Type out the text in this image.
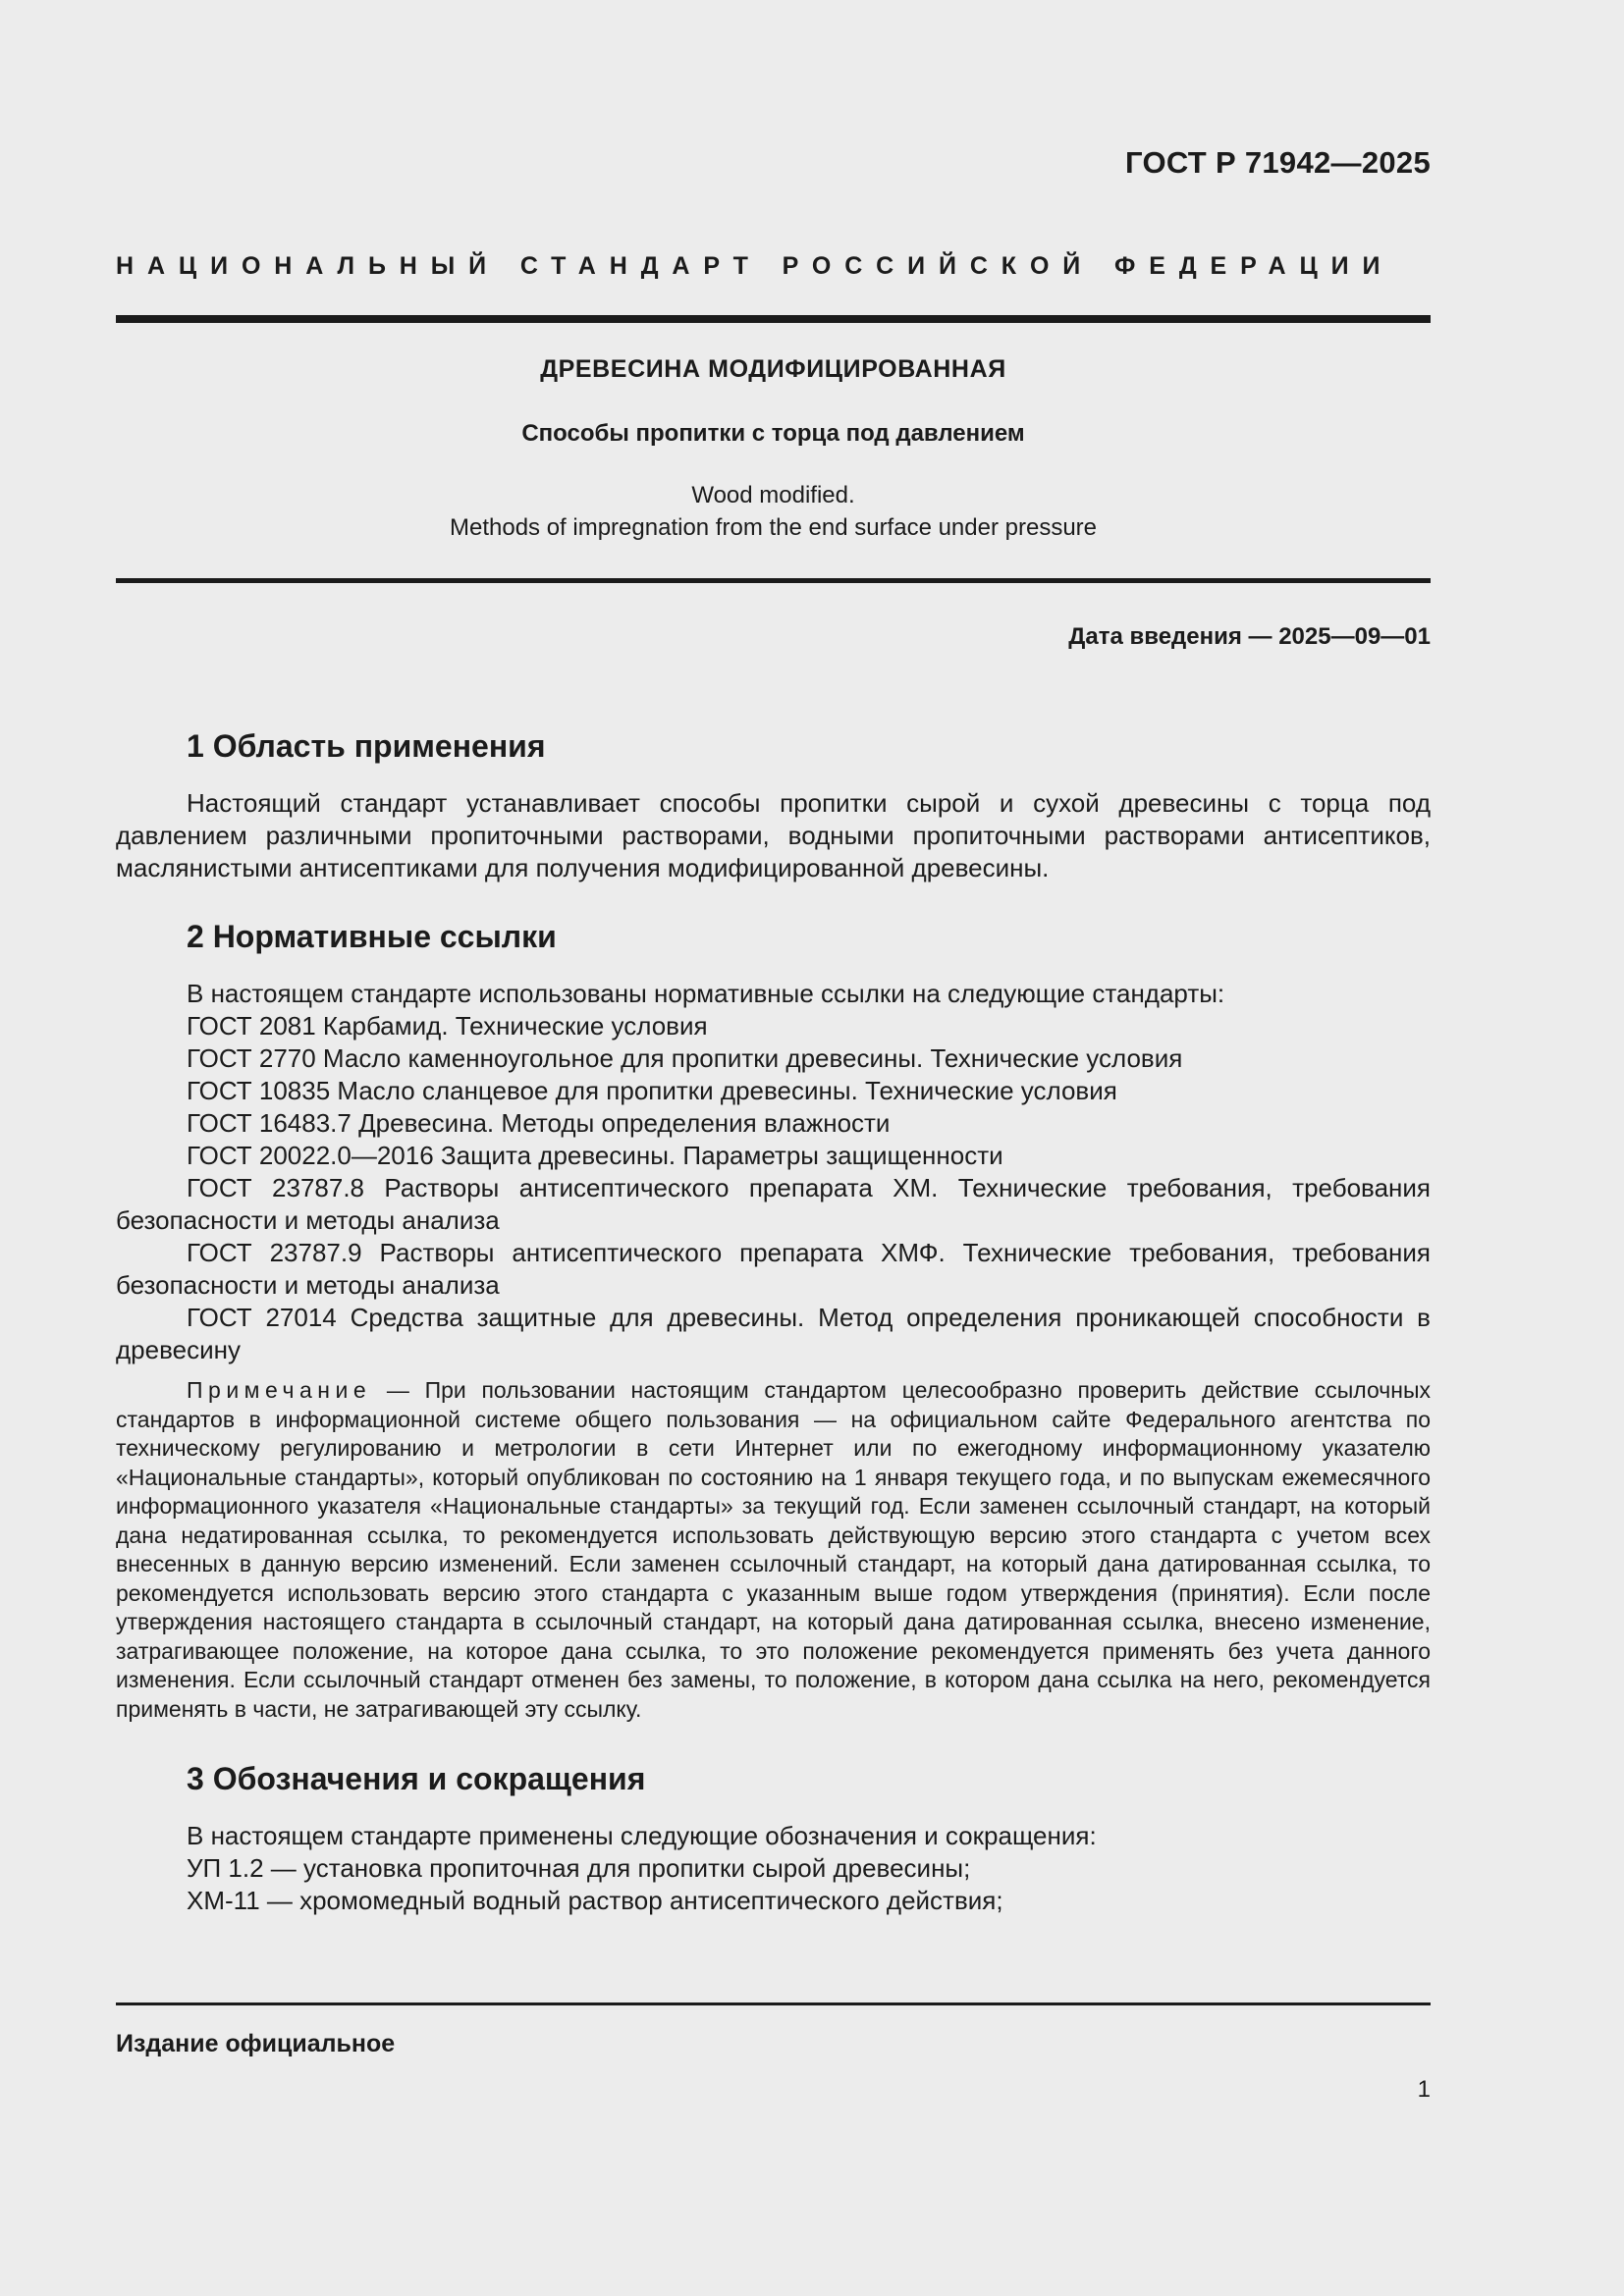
ГОСТ Р 71942—2025
НАЦИОНАЛЬНЫЙ СТАНДАРТ РОССИЙСКОЙ ФЕДЕРАЦИИ
ДРЕВЕСИНА МОДИФИЦИРОВАННАЯ
Способы пропитки с торца под давлением
Wood modified.
Methods of impregnation from the end surface under pressure
Дата введения — 2025—09—01
1 Область применения

Настоящий стандарт устанавливает способы пропитки сырой и сухой древесины с торца под давлением различными пропиточными растворами, водными пропиточными растворами антисептиков, маслянистыми антисептиками для получения модифицированной древесины.

2 Нормативные ссылки

В настоящем стандарте использованы нормативные ссылки на следующие стандарты:

ГОСТ 2081 Карбамид. Технические условия

ГОСТ 2770 Масло каменноугольное для пропитки древесины. Технические условия

ГОСТ 10835 Масло сланцевое для пропитки древесины. Технические условия

ГОСТ 16483.7 Древесина. Методы определения влажности

ГОСТ 20022.0—2016 Защита древесины. Параметры защищенности

ГОСТ 23787.8 Растворы антисептического препарата ХМ. Технические требования, требования безопасности и методы анализа

ГОСТ 23787.9 Растворы антисептического препарата ХМФ. Технические требования, требования безопасности и методы анализа

ГОСТ 27014 Средства защитные для древесины. Метод определения проникающей способности в древесину

Примечание — При пользовании настоящим стандартом целесообразно проверить действие ссылочных стандартов в информационной системе общего пользования — на официальном сайте Федерального агентства по техническому регулированию и метрологии в сети Интернет или по ежегодному информационному указателю «Национальные стандарты», который опубликован по состоянию на 1 января текущего года, и по выпускам ежемесячного информационного указателя «Национальные стандарты» за текущий год. Если заменен ссылочный стандарт, на который дана недатированная ссылка, то рекомендуется использовать действующую версию этого стандарта с учетом всех внесенных в данную версию изменений. Если заменен ссылочный стандарт, на который дана датированная ссылка, то рекомендуется использовать версию этого стандарта с указанным выше годом утверждения (принятия). Если после утверждения настоящего стандарта в ссылочный стандарт, на который дана датированная ссылка, внесено изменение, затрагивающее положение, на которое дана ссылка, то это положение рекомендуется применять без учета данного изменения. Если ссылочный стандарт отменен без замены, то положение, в котором дана ссылка на него, рекомендуется применять в части, не затрагивающей эту ссылку.

3 Обозначения и сокращения

В настоящем стандарте применены следующие обозначения и сокращения:

УП 1.2 — установка пропиточная для пропитки сырой древесины;

ХМ-11 — хромомедный водный раствор антисептического действия;

Издание официальное
1
